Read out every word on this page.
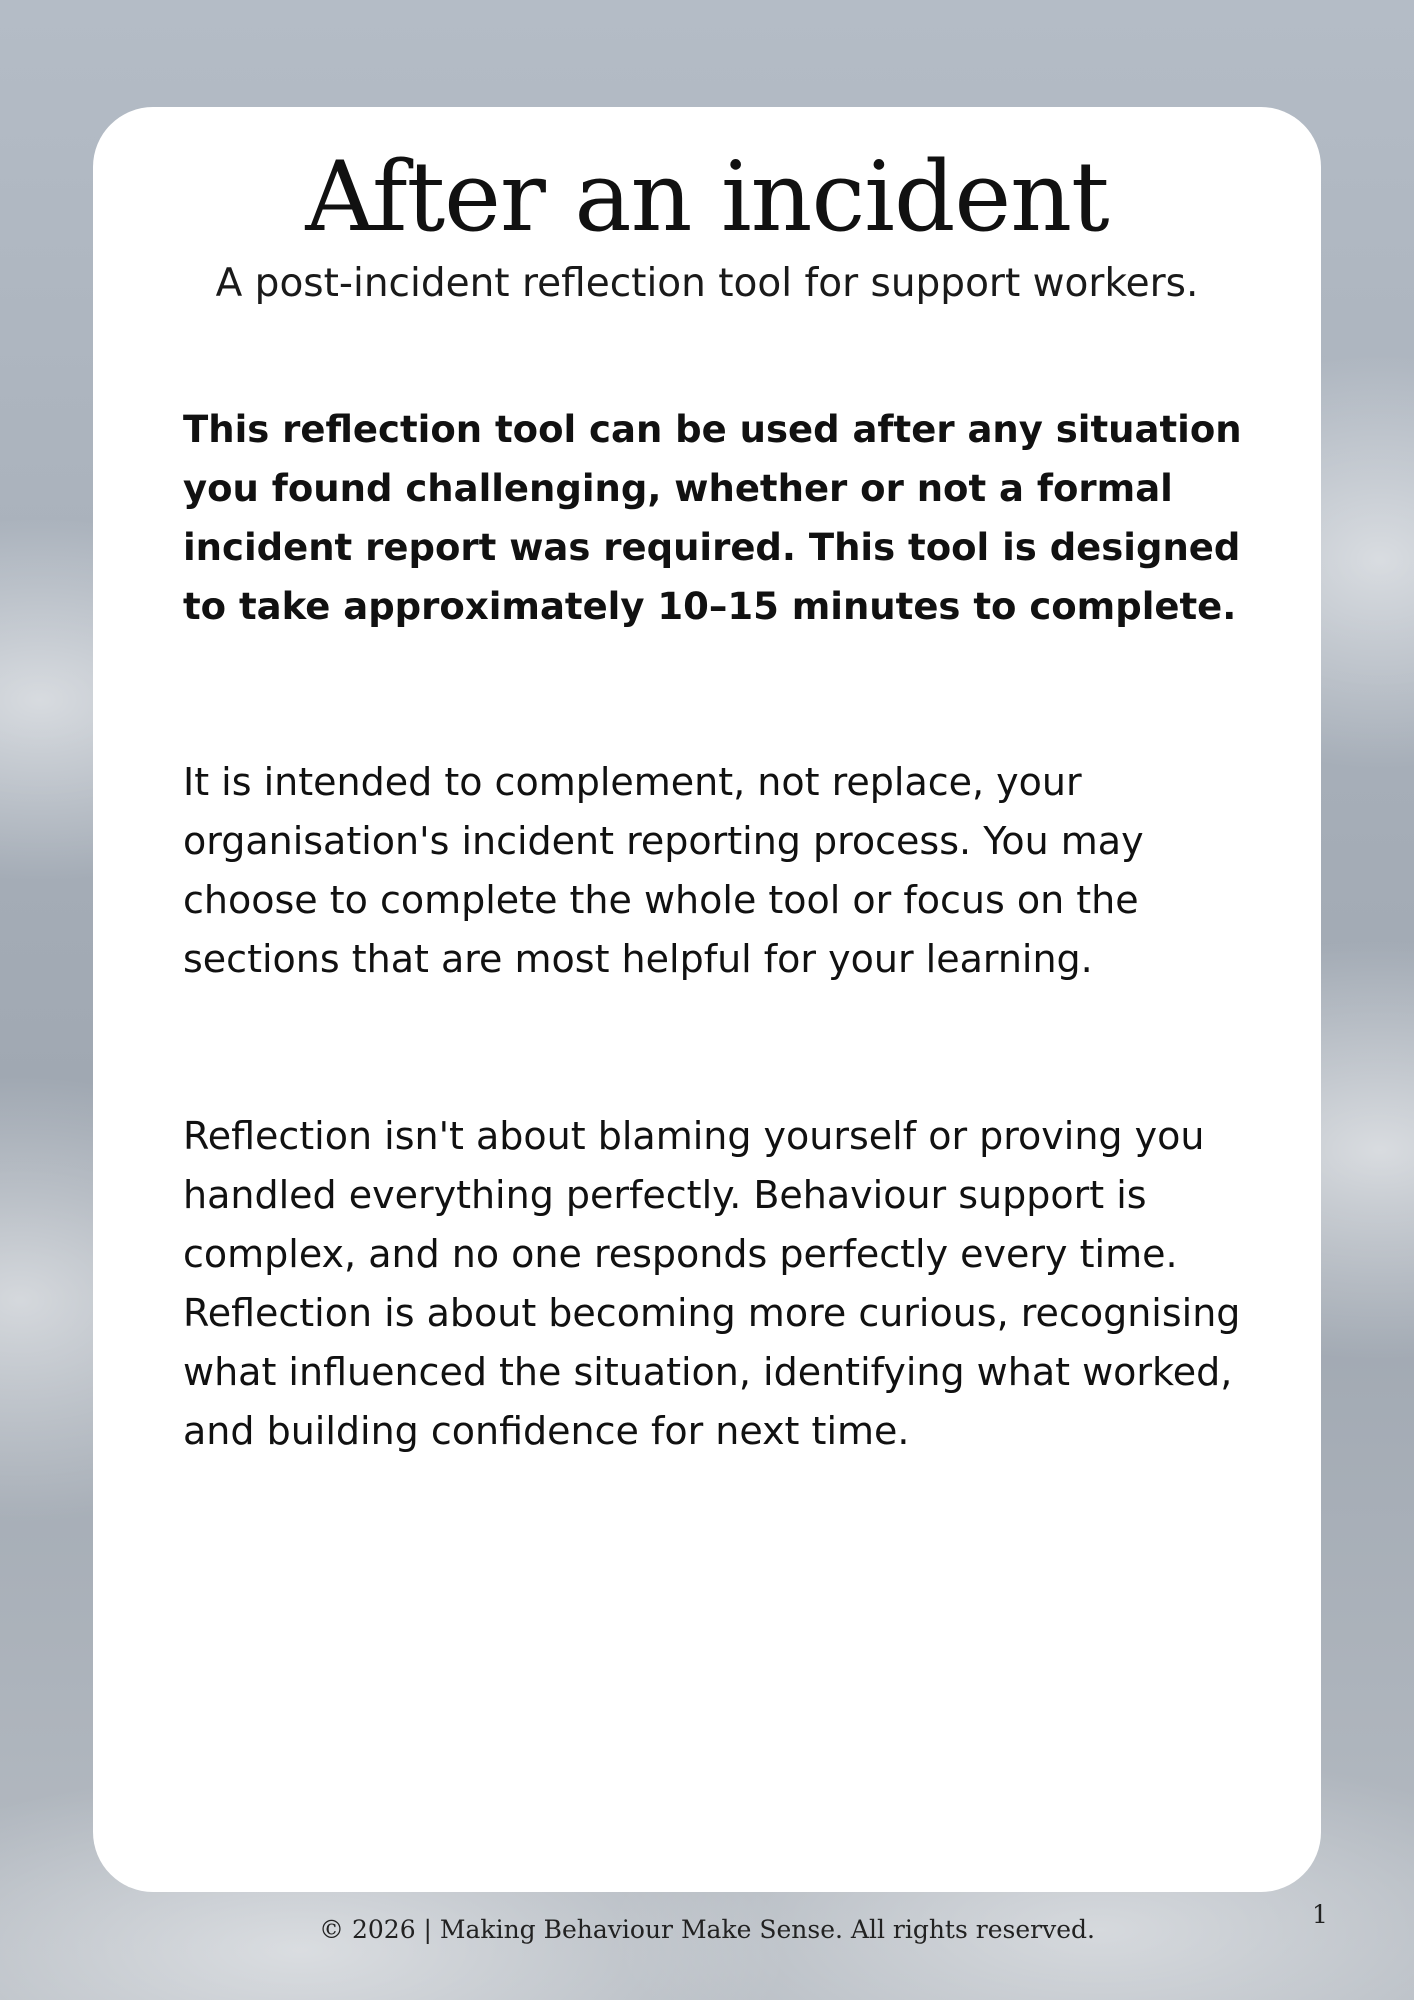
After an incident

A post-incident reflection tool for support workers.

This reflection tool can be used after any situation you found challenging, whether or not a formal incident report was required. This tool is designed to take approximately 10–15 minutes to complete.

It is intended to complement, not replace, your organisation's incident reporting process. You may choose to complete the whole tool or focus on the sections that are most helpful for your learning.

Reflection isn't about blaming yourself or proving you handled everything perfectly. Behaviour support is complex, and no one responds perfectly every time. Reflection is about becoming more curious, recognising what influenced the situation, identifying what worked, and building confidence for next time.

© 2026 | Making Behaviour Make Sense. All rights reserved.
1
